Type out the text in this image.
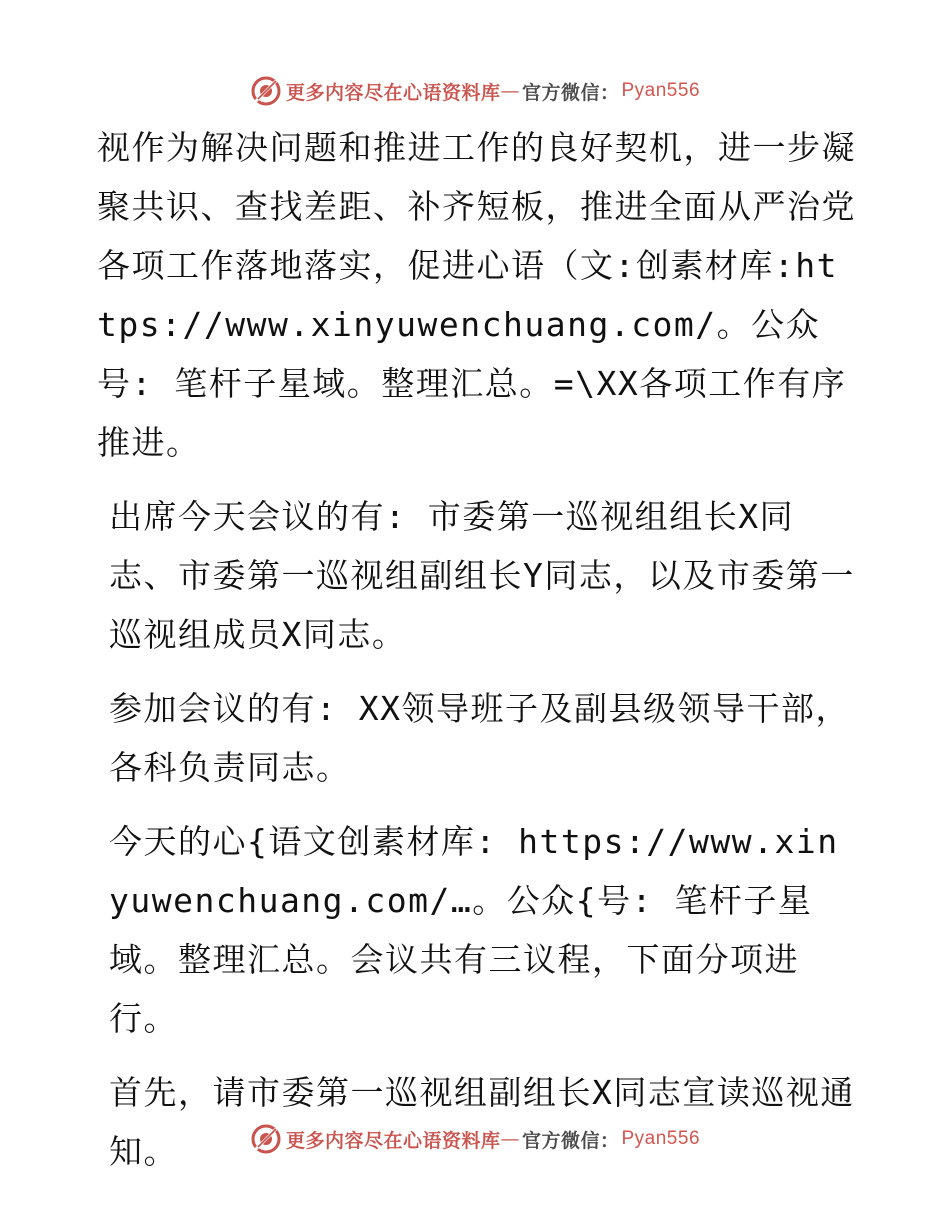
更多内容尽在心语资料库 — 官方微信： Pyan556

视作为解决问题和推进工作的良好契机，进一步凝聚共识、查找差距、补齐短板，推进全面从严治党各项工作落地落实，促进心语（文:创素材库:https://www.xinyuwenchuang.com/。公众号: 笔杆子星域。整理汇总。=\XX各项工作有序推进。

出席今天会议的有: 市委第一巡视组组长X同志、市委第一巡视组副组长Y同志，以及市委第一巡视组成员X同志。

参加会议的有: XX领导班子及副县级领导干部，各科负责同志。

今天的心{语文创素材库: https://www.xinyuwenchuang.com/…。公众{号: 笔杆子星域。整理汇总。会议共有三议程，下面分项进行。

首先，请市委第一巡视组副组长X同志宣读巡视通知。	更多内容尽在心语资料库 — 官方微信： Pyan556
